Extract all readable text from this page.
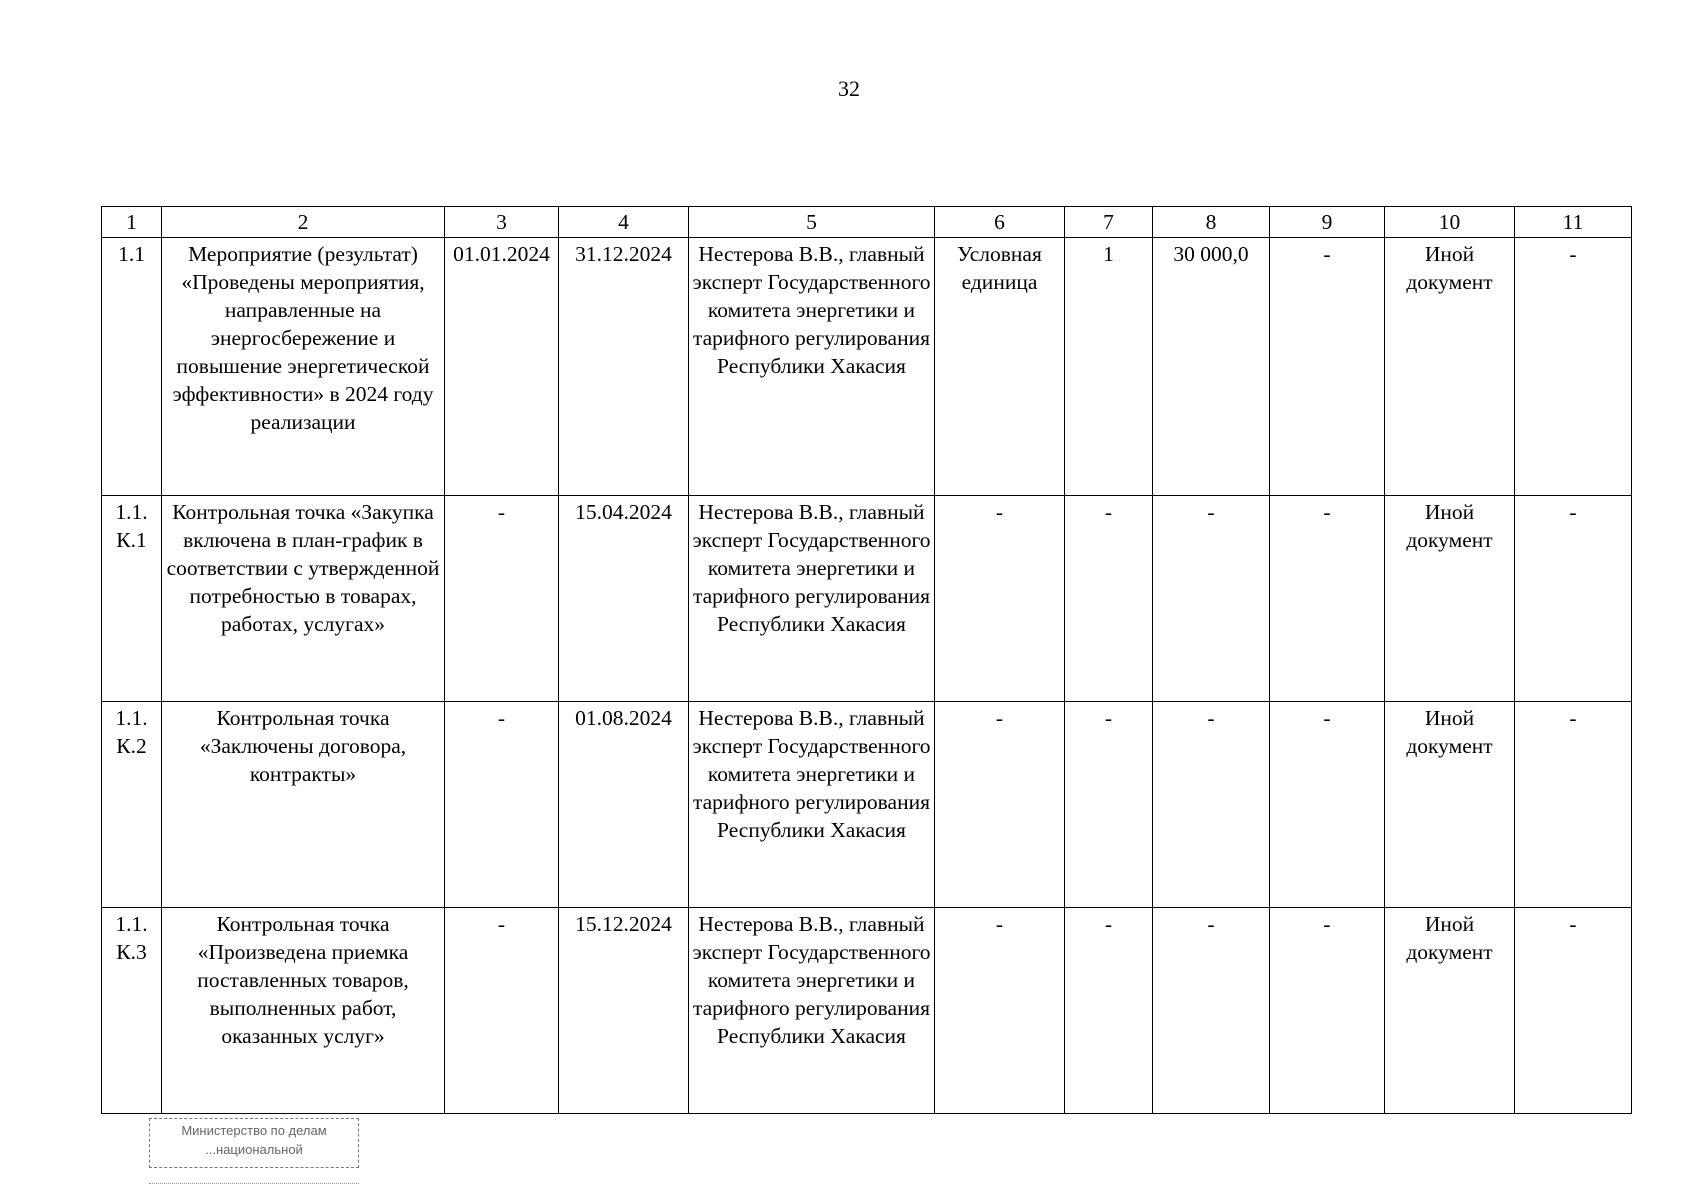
32
1	2	3	4	5	6	7	8	9	10	11
1.1	Мероприятие (результат) «Проведены мероприятия, направленные на энергосбережение и повышение энергетической эффективности» в 2024 году реализации	01.01.2024	31.12.2024	Нестерова В.В., главный эксперт Государственного комитета энергетики и тарифного регулирования Республики Хакасия	Условная единица	1	30 000,0	-	Иной документ	-
1.1. К.1	Контрольная точка «Закупка включена в план-график в соответствии с утвержденной потребностью в товарах, работах, услугах»	-	15.04.2024	Нестерова В.В., главный эксперт Государственного комитета энергетики и тарифного регулирования Республики Хакасия	-	-	-	-	Иной документ	-
1.1. К.2	Контрольная точка «Заключены договора, контракты»	-	01.08.2024	Нестерова В.В., главный эксперт Государственного комитета энергетики и тарифного регулирования Республики Хакасия	-	-	-	-	Иной документ	-
1.1. К.3	Контрольная точка «Произведена приемка поставленных товаров, выполненных работ, оказанных услуг»	-	15.12.2024	Нестерова В.В., главный эксперт Государственного комитета энергетики и тарифного регулирования Республики Хакасия	-	-	-	-	Иной документ	-
Министерство по делам
...национальной
